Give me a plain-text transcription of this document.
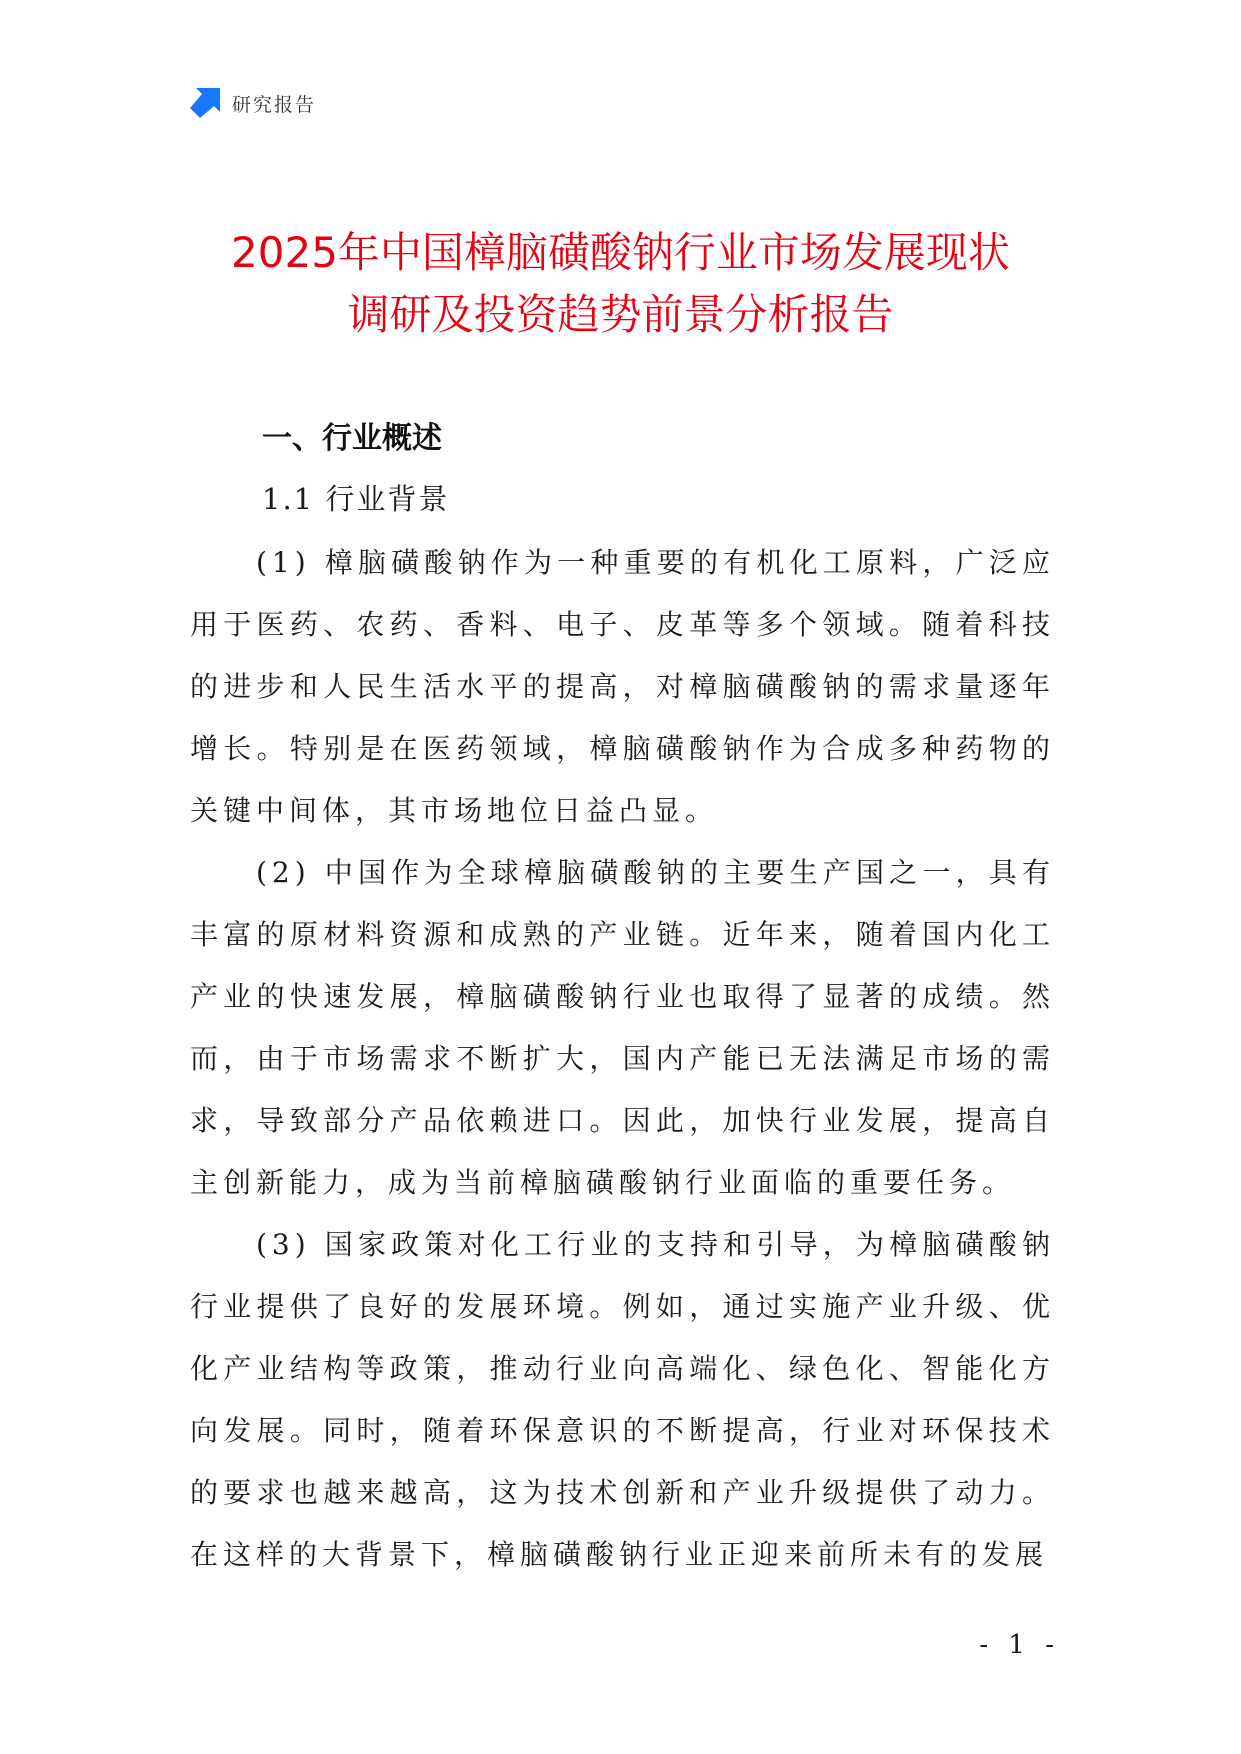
研究报告
2025年中国樟脑磺酸钠行业市场发展现状
调研及投资趋势前景分析报告
一、行业概述
1.1 行业背景

(1) 樟脑磺酸钠作为一种重要的有机化工原料，广泛应用于医药、农药、香料、电子、皮革等多个领域。随着科技的进步和人民生活水平的提高，对樟脑磺酸钠的需求量逐年增长。特别是在医药领域，樟脑磺酸钠作为合成多种药物的关键中间体，其市场地位日益凸显。

(2) 中国作为全球樟脑磺酸钠的主要生产国之一，具有丰富的原材料资源和成熟的产业链。近年来，随着国内化工产业的快速发展，樟脑磺酸钠行业也取得了显著的成绩。然而，由于市场需求不断扩大，国内产能已无法满足市场的需求，导致部分产品依赖进口。因此，加快行业发展，提高自主创新能力，成为当前樟脑磺酸钠行业面临的重要任务。

(3) 国家政策对化工行业的支持和引导，为樟脑磺酸钠行业提供了良好的发展环境。例如，通过实施产业升级、优化产业结构等政策，推动行业向高端化、绿色化、智能化方向发展。同时，随着环保意识的不断提高，行业对环保技术的要求也越来越高，这为技术创新和产业升级提供了动力。在这样的大背景下，樟脑磺酸钠行业正迎来前所未有的发展

- 1 -
